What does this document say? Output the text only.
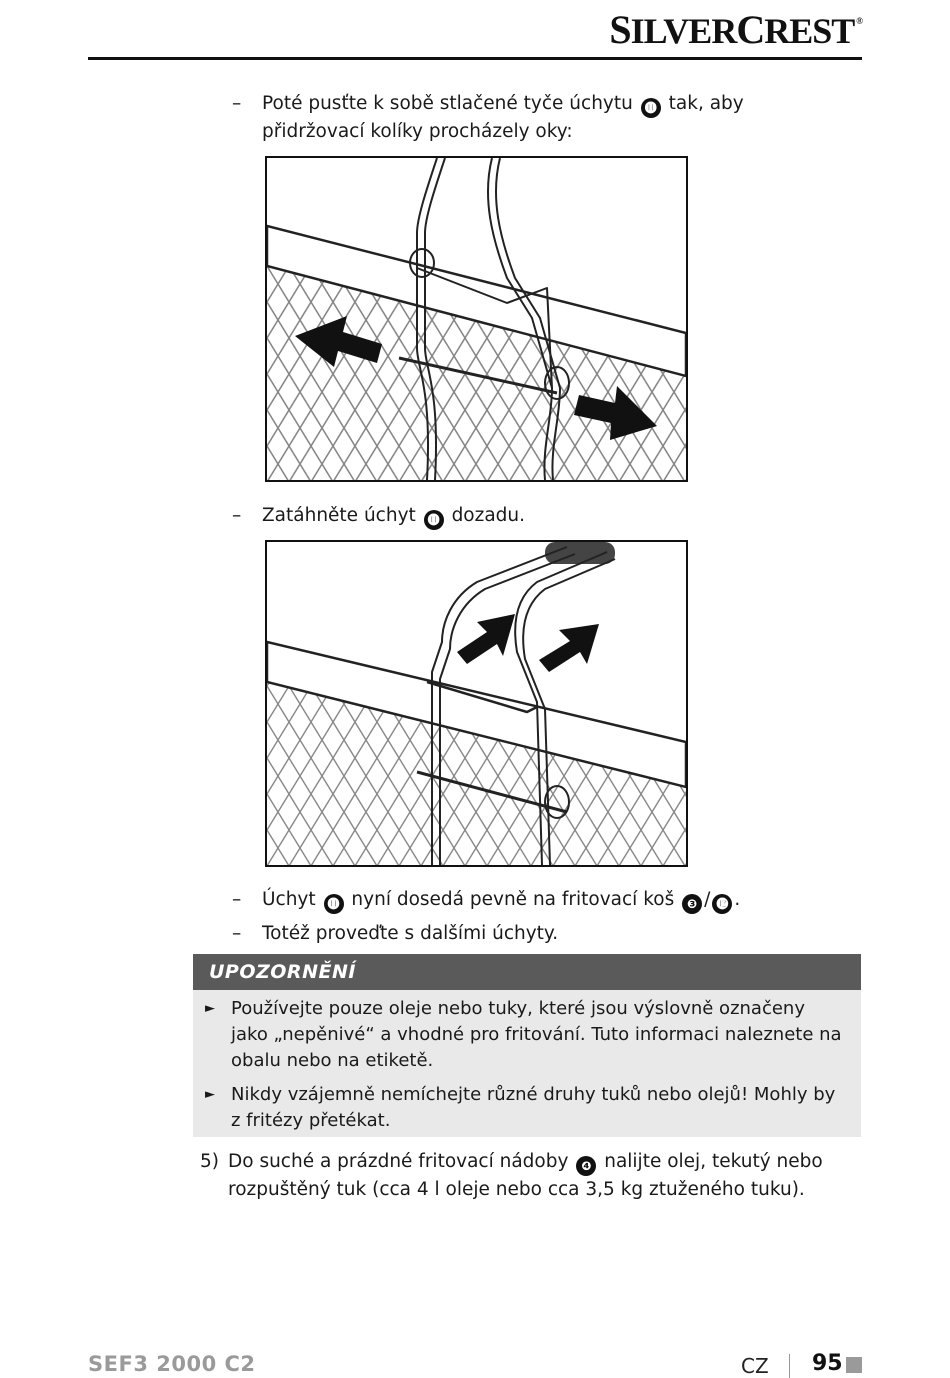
SILVERCREST ®
– Poté pusťte k sobě stlačené tyče úchytu ⓫ tak, aby přidržovací kolíky procházely oky:
– Zatáhněte úchyt ⓫ dozadu.
– Úchyt ⓫ nyní dosedá pevně na fritovací koš ❸ / ⓬ .
– Totéž proveďte s dalšími úchyty.
UPOZORNĚNÍ
► Používejte pouze oleje nebo tuky, které jsou výslovně označeny jako „nepěnivé“ a vhodné pro fritování. Tuto informaci naleznete na obalu nebo na etiketě.
► Nikdy vzájemně nemíchejte různé druhy tuků nebo olejů! Mohly by z fritézy přetékat.
5) Do suché a prázdné fritovací nádoby ❹ nalijte olej, tekutý nebo rozpuštěný tuk (cca 4 l oleje nebo cca 3,5 kg ztuženého tuku).
SEF3 2000 C2	CZ 95
